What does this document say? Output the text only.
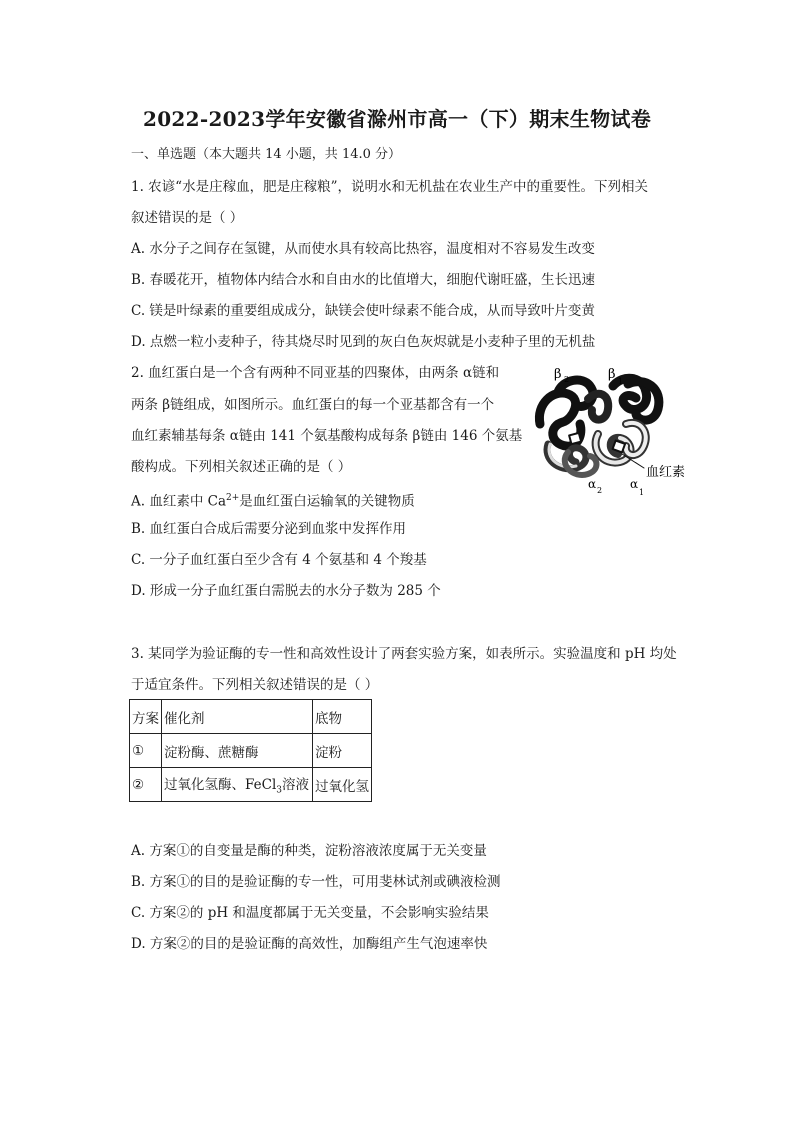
2022-2023学年安徽省滁州市高一（下）期末生物试卷
一、单选题（本大题共 14 小题，共 14.0 分）
1. 农谚“水是庄稼血，肥是庄稼粮”，说明水和无机盐在农业生产中的重要性。下列相关
叙述错误的是（ ）
A. 水分子之间存在氢键，从而使水具有较高比热容，温度相对不容易发生改变
B. 春暖花开，植物体内结合水和自由水的比值增大，细胞代谢旺盛，生长迅速
C. 镁是叶绿素的重要组成成分，缺镁会使叶绿素不能合成，从而导致叶片变黄
D. 点燃一粒小麦种子，待其烧尽时见到的灰白色灰烬就是小麦种子里的无机盐
2. 血红蛋白是一个含有两种不同亚基的四聚体，由两条 α链和
两条 β链组成，如图所示。血红蛋白的每一个亚基都含有一个
血红素辅基每条 α链由 141 个氨基酸构成每条 β链由 146 个氨基
酸构成。下列相关叙述正确的是（ ）
A. 血红素中 $Ca^{2+}$是血红蛋白运输氧的关键物质
B. 血红蛋白合成后需要分泌到血浆中发挥作用
C. 一分子血红蛋白至少含有 4 个氨基和 4 个羧基
D. 形成一分子血红蛋白需脱去的水分子数为 285 个
β 2	β 1
α 2 α
1
血红素
3. 某同学为验证酶的专一性和高效性设计了两套实验方案，如表所示。实验温度和 pH 均处
于适宜条件。下列相关叙述错误的是（ ）
方案	催化剂	底物
①	淀粉酶、蔗糖酶	淀粉
②	过氧化氢酶、FeCl$_3$溶液	过氧化氢
A. 方案①的自变量是酶的种类，淀粉溶液浓度属于无关变量
B. 方案①的目的是验证酶的专一性，可用斐林试剂或碘液检测
C. 方案②的 pH 和温度都属于无关变量，不会影响实验结果
D. 方案②的目的是验证酶的高效性，加酶组产生气泡速率快
